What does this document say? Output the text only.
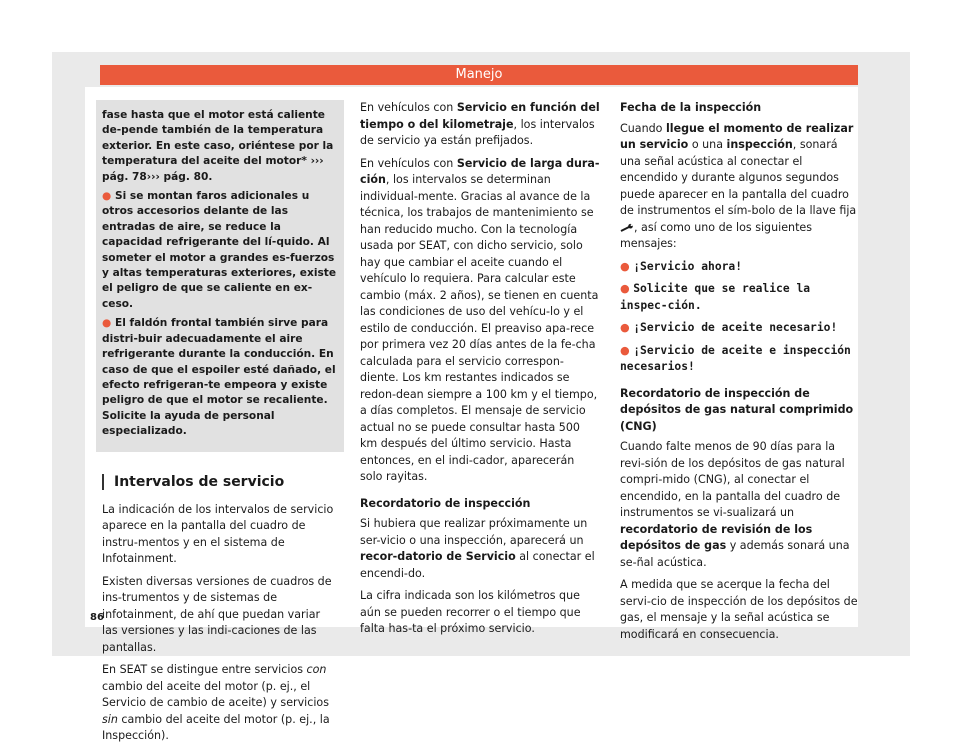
Manejo

fase hasta que el motor está caliente de-pende también de la temperatura exterior. En este caso, oriéntese por la temperatura del aceite del motor* ››› pág. 78››› pág. 80.

● Si se montan faros adicionales u otros accesorios delante de las entradas de aire, se reduce la capacidad refrigerante del lí-quido. Al someter el motor a grandes es-fuerzos y altas temperaturas exteriores, existe el peligro de que se caliente en ex-ceso.

● El faldón frontal también sirve para distri-buir adecuadamente el aire refrigerante durante la conducción. En caso de que el espoiler esté dañado, el efecto refrigeran-te empeora y existe peligro de que el motor se recaliente. Solicite la ayuda de personal especializado.

Intervalos de servicio

La indicación de los intervalos de servicio aparece en la pantalla del cuadro de instru-mentos y en el sistema de Infotainment.

Existen diversas versiones de cuadros de ins-trumentos y de sistemas de infotainment, de ahí que puedan variar las versiones y las indi-caciones de las pantallas.

En SEAT se distingue entre servicios con cambio del aceite del motor (p. ej., el Servicio de cambio de aceite) y servicios sin cambio del aceite del motor (p. ej., la Inspección).

En vehículos con Servicio en función del tiempo o del kilometraje, los intervalos de servicio ya están prefijados.

En vehículos con Servicio de larga dura-ción, los intervalos se determinan individual-mente. Gracias al avance de la técnica, los trabajos de mantenimiento se han reducido mucho. Con la tecnología usada por SEAT, con dicho servicio, solo hay que cambiar el aceite cuando el vehículo lo requiera. Para calcular este cambio (máx. 2 años), se tienen en cuenta las condiciones de uso del vehícu-lo y el estilo de conducción. El preaviso apa-rece por primera vez 20 días antes de la fe-cha calculada para el servicio correspon-diente. Los km restantes indicados se redon-dean siempre a 100 km y el tiempo, a días completos. El mensaje de servicio actual no se puede consultar hasta 500 km después del último servicio. Hasta entonces, en el indi-cador, aparecerán solo rayitas.

Recordatorio de inspección

Si hubiera que realizar próximamente un ser-vicio o una inspección, aparecerá un recor-datorio de Servicio al conectar el encendi-do.

La cifra indicada son los kilómetros que aún se pueden recorrer o el tiempo que falta has-ta el próximo servicio.

Fecha de la inspección

Cuando llegue el momento de realizar un servicio o una inspección, sonará una señal acústica al conectar el encendido y durante algunos segundos puede aparecer en la pantalla del cuadro de instrumentos el sím-bolo de la llave fija , así como uno de los siguientes mensajes:

● ¡Servicio ahora!

● Solicite que se realice la inspec-ción.

● ¡Servicio de aceite necesario!

● ¡Servicio de aceite e inspección necesarios!

Recordatorio de inspección de depósitos de gas natural comprimido (CNG)

Cuando falte menos de 90 días para la revi-sión de los depósitos de gas natural compri-mido (CNG), al conectar el encendido, en la pantalla del cuadro de instrumentos se vi-sualizará un recordatorio de revisión de los depósitos de gas y además sonará una se-ñal acústica.

A medida que se acerque la fecha del servi-cio de inspección de los depósitos de gas, el mensaje y la señal acústica se modificará en consecuencia.

86
